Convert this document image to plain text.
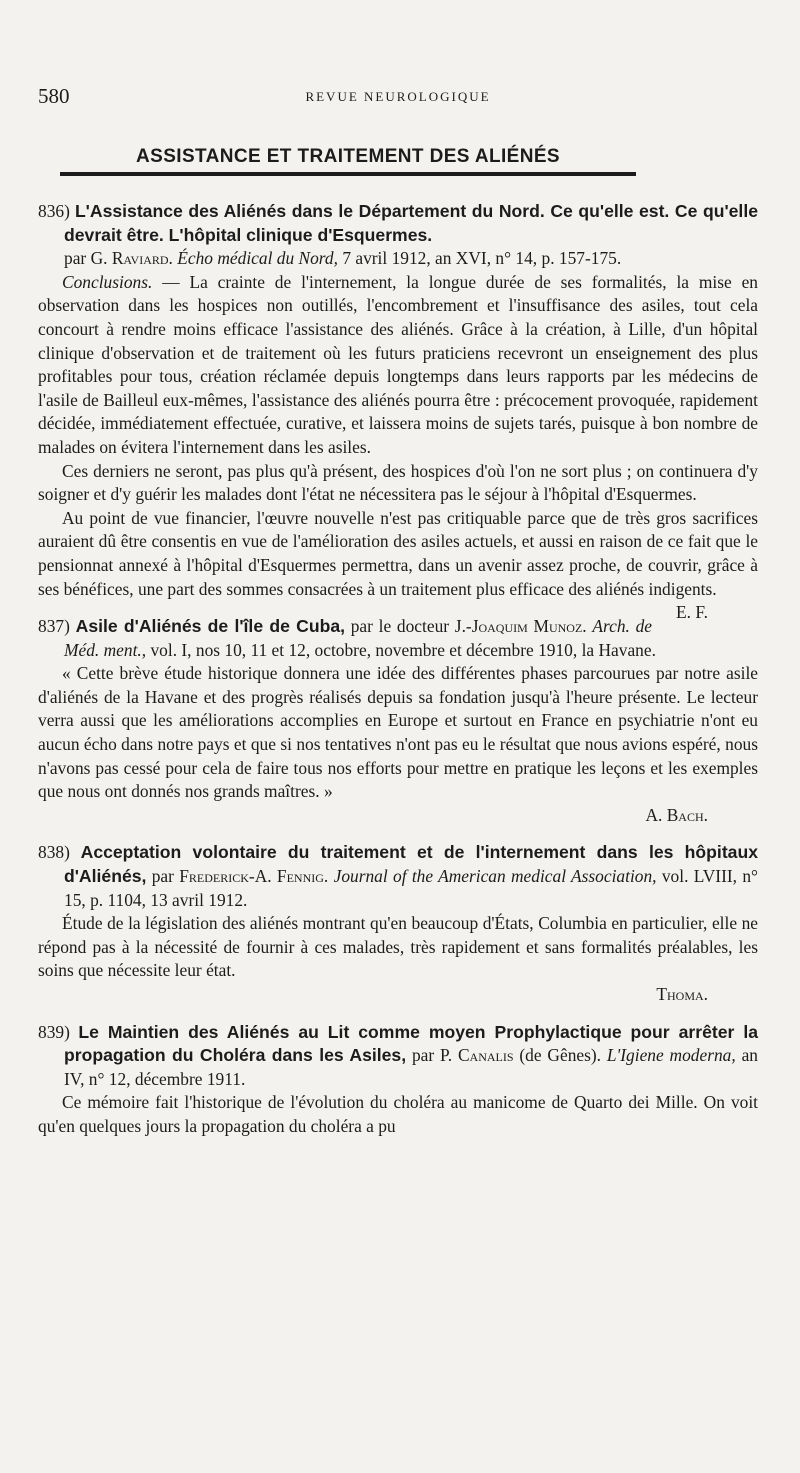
580	REVUE NEUROLOGIQUE
ASSISTANCE ET TRAITEMENT DES ALIÉNÉS
836) L'Assistance des Aliénés dans le Département du Nord. Ce qu'elle est. Ce qu'elle devrait être. L'hôpital clinique d'Esquermes.
par G. Raviard. Écho médical du Nord, 7 avril 1912, an XVI, n° 14, p. 157-175.

Conclusions. — La crainte de l'internement, la longue durée de ses formalités, la mise en observation dans les hospices non outillés, l'encombrement et l'insuffisance des asiles, tout cela concourt à rendre moins efficace l'assistance des aliénés. Grâce à la création, à Lille, d'un hôpital clinique d'observation et de traitement où les futurs praticiens recevront un enseignement des plus profitables pour tous, création réclamée depuis longtemps dans leurs rapports par les médecins de l'asile de Bailleul eux-mêmes, l'assistance des aliénés pourra être : précocement provoquée, rapidement décidée, immédiatement effectuée, curative, et laissera moins de sujets tarés, puisque à bon nombre de malades on évitera l'internement dans les asiles.

Ces derniers ne seront, pas plus qu'à présent, des hospices d'où l'on ne sort plus ; on continuera d'y soigner et d'y guérir les malades dont l'état ne nécessitera pas le séjour à l'hôpital d'Esquermes.

Au point de vue financier, l'œuvre nouvelle n'est pas critiquable parce que de très gros sacrifices auraient dû être consentis en vue de l'amélioration des asiles actuels, et aussi en raison de ce fait que le pensionnat annexé à l'hôpital d'Esquermes permettra, dans un avenir assez proche, de couvrir, grâce à ses bénéfices, une part des sommes consacrées à un traitement plus efficace des aliénés indigents.
E. F.

837) Asile d'Aliénés de l'île de Cuba, par le docteur J.-Joaquim Munoz. Arch. de Méd. ment., vol. I, nos 10, 11 et 12, octobre, novembre et décembre 1910, la Havane.

« Cette brève étude historique donnera une idée des différentes phases parcourues par notre asile d'aliénés de la Havane et des progrès réalisés depuis sa fondation jusqu'à l'heure présente. Le lecteur verra aussi que les améliorations accomplies en Europe et surtout en France en psychiatrie n'ont eu aucun écho dans notre pays et que si nos tentatives n'ont pas eu le résultat que nous avions espéré, nous n'avons pas cessé pour cela de faire tous nos efforts pour mettre en pratique les leçons et les exemples que nous ont donnés nos grands maîtres. »

A. Bach.
838) Acceptation volontaire du traitement et de l'internement dans les hôpitaux d'Aliénés, par Frederick-A. Fennig. Journal of the American medical Association, vol. LVIII, n° 15, p. 1104, 13 avril 1912.

Étude de la législation des aliénés montrant qu'en beaucoup d'États, Columbia en particulier, elle ne répond pas à la nécessité de fournir à ces malades, très rapidement et sans formalités préalables, les soins que nécessite leur état.

Thoma.
839) Le Maintien des Aliénés au Lit comme moyen Prophylactique pour arrêter la propagation du Choléra dans les Asiles, par P. Canalis (de Gênes). L'Igiene moderna, an IV, n° 12, décembre 1911.

Ce mémoire fait l'historique de l'évolution du choléra au manicome de Quarto dei Mille. On voit qu'en quelques jours la propagation du choléra a pu
